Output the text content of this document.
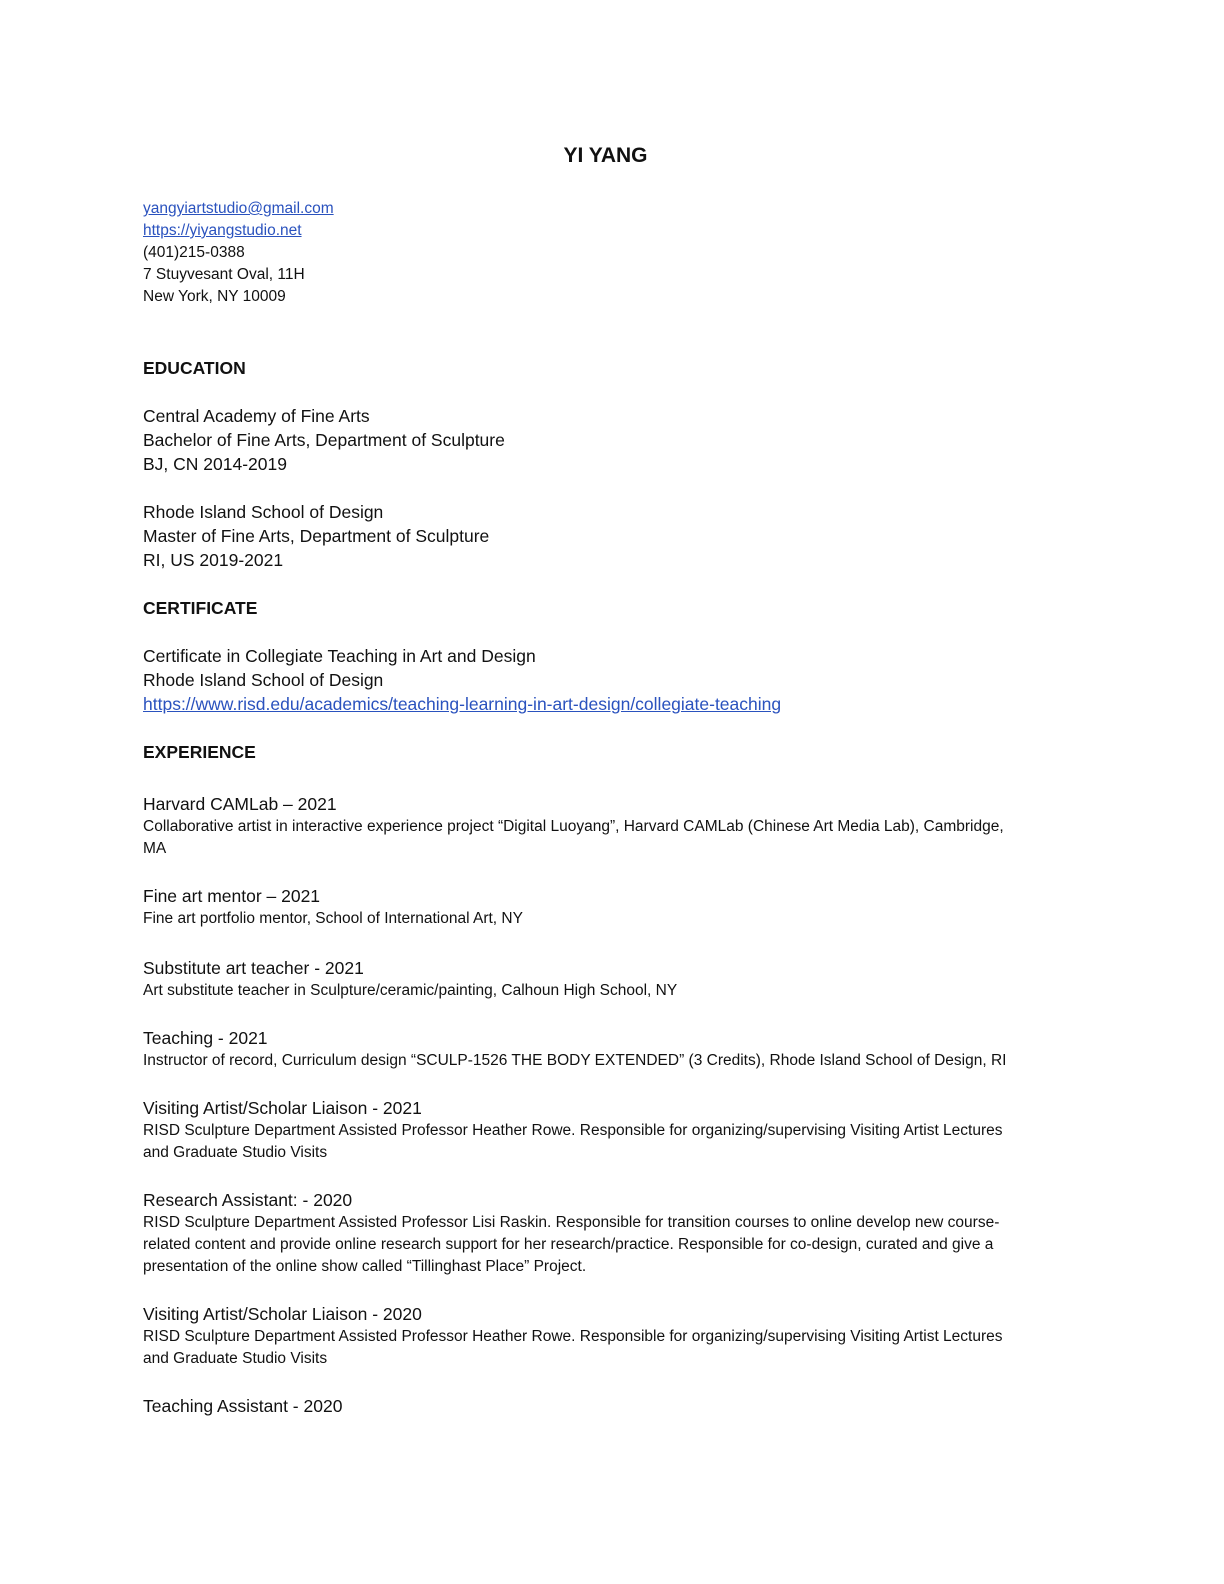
YI YANG
yangyiartstudio@gmail.com
https://yiyangstudio.net
(401)215-0388
7 Stuyvesant Oval, 11H
New York, NY 10009
EDUCATION
Central Academy of Fine Arts
Bachelor of Fine Arts, Department of Sculpture
BJ, CN 2014-2019
Rhode Island School of Design
Master of Fine Arts, Department of Sculpture
RI, US 2019-2021
CERTIFICATE
Certificate in Collegiate Teaching in Art and Design
Rhode Island School of Design
https://www.risd.edu/academics/teaching-learning-in-art-design/collegiate-teaching
EXPERIENCE
Harvard CAMLab – 2021
Collaborative artist in interactive experience project “Digital Luoyang”, Harvard CAMLab (Chinese Art Media Lab), Cambridge,
MA
Fine art mentor – 2021
Fine art portfolio mentor, School of International Art, NY
Substitute art teacher - 2021
Art substitute teacher in Sculpture/ceramic/painting, Calhoun High School, NY
Teaching - 2021
Instructor of record, Curriculum design “SCULP-1526 THE BODY EXTENDED” (3 Credits), Rhode Island School of Design, RI
Visiting Artist/Scholar Liaison - 2021
RISD Sculpture Department Assisted Professor Heather Rowe. Responsible for organizing/supervising Visiting Artist Lectures
and Graduate Studio Visits
Research Assistant: - 2020
RISD Sculpture Department Assisted Professor Lisi Raskin. Responsible for transition courses to online develop new course-
related content and provide online research support for her research/practice. Responsible for co-design, curated and give a
presentation of the online show called “Tillinghast Place” Project.
Visiting Artist/Scholar Liaison - 2020
RISD Sculpture Department Assisted Professor Heather Rowe. Responsible for organizing/supervising Visiting Artist Lectures
and Graduate Studio Visits
Teaching Assistant - 2020
